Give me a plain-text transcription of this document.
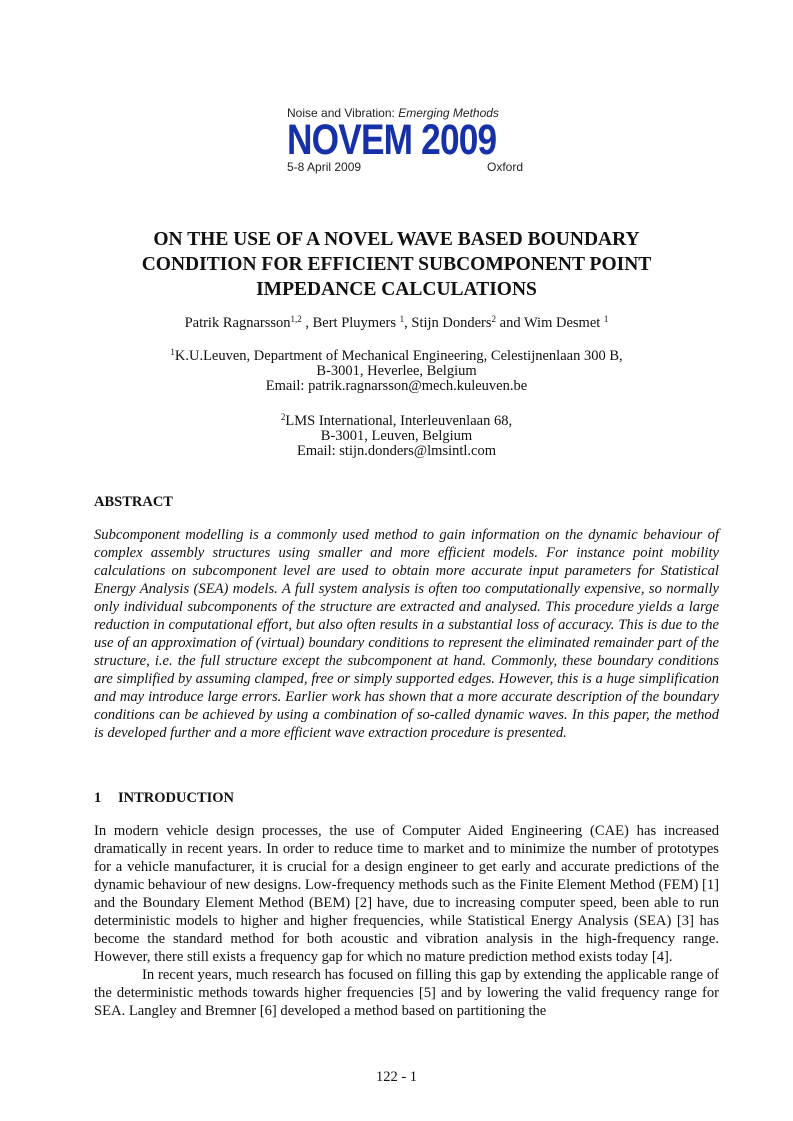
Noise and Vibration: Emerging Methods
NOVEM 2009
5-8 April 2009	Oxford
ON THE USE OF A NOVEL WAVE BASED BOUNDARY
CONDITION FOR EFFICIENT SUBCOMPONENT POINT
IMPEDANCE CALCULATIONS
Patrik Ragnarsson$^{1,2}$ , Bert Pluymers $^1$, Stijn Donders$^2$ and Wim Desmet $^1$
$^1$K.U.Leuven, Department of Mechanical Engineering, Celestijnenlaan 300 B,
B-3001, Heverlee, Belgium
Email: patrik.ragnarsson@mech.kuleuven.be
$^2$LMS International, Interleuvenlaan 68,
B-3001, Leuven, Belgium
Email: stijn.donders@lmsintl.com
ABSTRACT
Subcomponent modelling is a commonly used method to gain information on the dynamic behaviour of complex assembly structures using smaller and more efficient models. For instance point mobility calculations on subcomponent level are used to obtain more accurate input parameters for Statistical Energy Analysis (SEA) models. A full system analysis is often too computationally expensive, so normally only individual subcomponents of the structure are extracted and analysed. This procedure yields a large reduction in computational effort, but also often results in a substantial loss of accuracy. This is due to the use of an approximation of (virtual) boundary conditions to represent the eliminated remainder part of the structure, i.e. the full structure except the subcomponent at hand. Commonly, these boundary conditions are simplified by assuming clamped, free or simply supported edges. However, this is a huge simplification and may introduce large errors. Earlier work has shown that a more accurate description of the boundary conditions can be achieved by using a combination of so-called dynamic waves. In this paper, the method is developed further and a more efficient wave extraction procedure is presented.
1 INTRODUCTION

In modern vehicle design processes, the use of Computer Aided Engineering (CAE) has increased dramatically in recent years. In order to reduce time to market and to minimize the number of prototypes for a vehicle manufacturer, it is crucial for a design engineer to get early and accurate predictions of the dynamic behaviour of new designs. Low-frequency methods such as the Finite Element Method (FEM) [1] and the Boundary Element Method (BEM) [2] have, due to increasing computer speed, been able to run deterministic models to higher and higher frequencies, while Statistical Energy Analysis (SEA) [3] has become the standard method for both acoustic and vibration analysis in the high-frequency range. However, there still exists a frequency gap for which no mature prediction method exists today [4].

In recent years, much research has focused on filling this gap by extending the applicable range of the deterministic methods towards higher frequencies [5] and by lowering the valid frequency range for SEA. Langley and Bremner [6] developed a method based on partitioning the

122 - 1
